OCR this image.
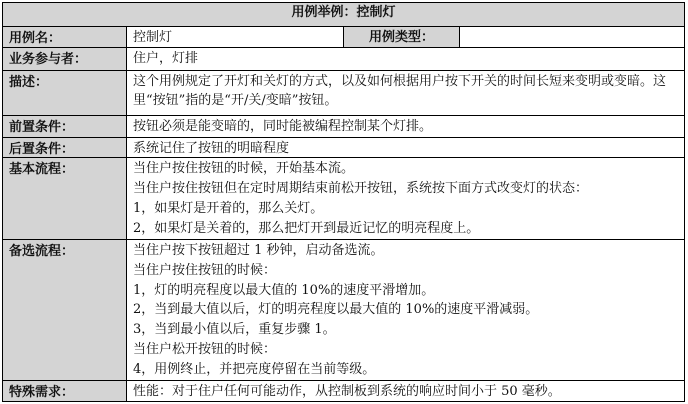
用例举例：控制灯
用例名：	控制灯	用例类型：
业务参与者：	住户，灯排
描述：	这个用例规定了开灯和关灯的方式，以及如何根据用户按下开关的时间长短来变明或变暗。这里“按钮”指的是“开/关/变暗”按钮。
前置条件：	按钮必须是能变暗的，同时能被编程控制某个灯排。
后置条件：	系统记住了按钮的明暗程度
基本流程：	当住户按住按钮的时候，开始基本流。
当住户按住按钮但在定时周期结束前松开按钮，系统按下面方式改变灯的状态：
1，如果灯是开着的，那么关灯。
2，如果灯是关着的，那么把灯开到最近记忆的明亮程度上。
备选流程：	当住户按下按钮超过 1 秒钟，启动备选流。
当住户按住按钮的时候：
1，灯的明亮程度以最大值的 10%的速度平滑增加。
2，当到最大值以后，灯的明亮程度以最大值的 10%的速度平滑减弱。
3，当到最小值以后，重复步骤 1。
当住户松开按钮的时候：
4，用例终止，并把亮度停留在当前等级。
特殊需求：	性能：对于住户任何可能动作，从控制板到系统的响应时间小于 50 毫秒。
